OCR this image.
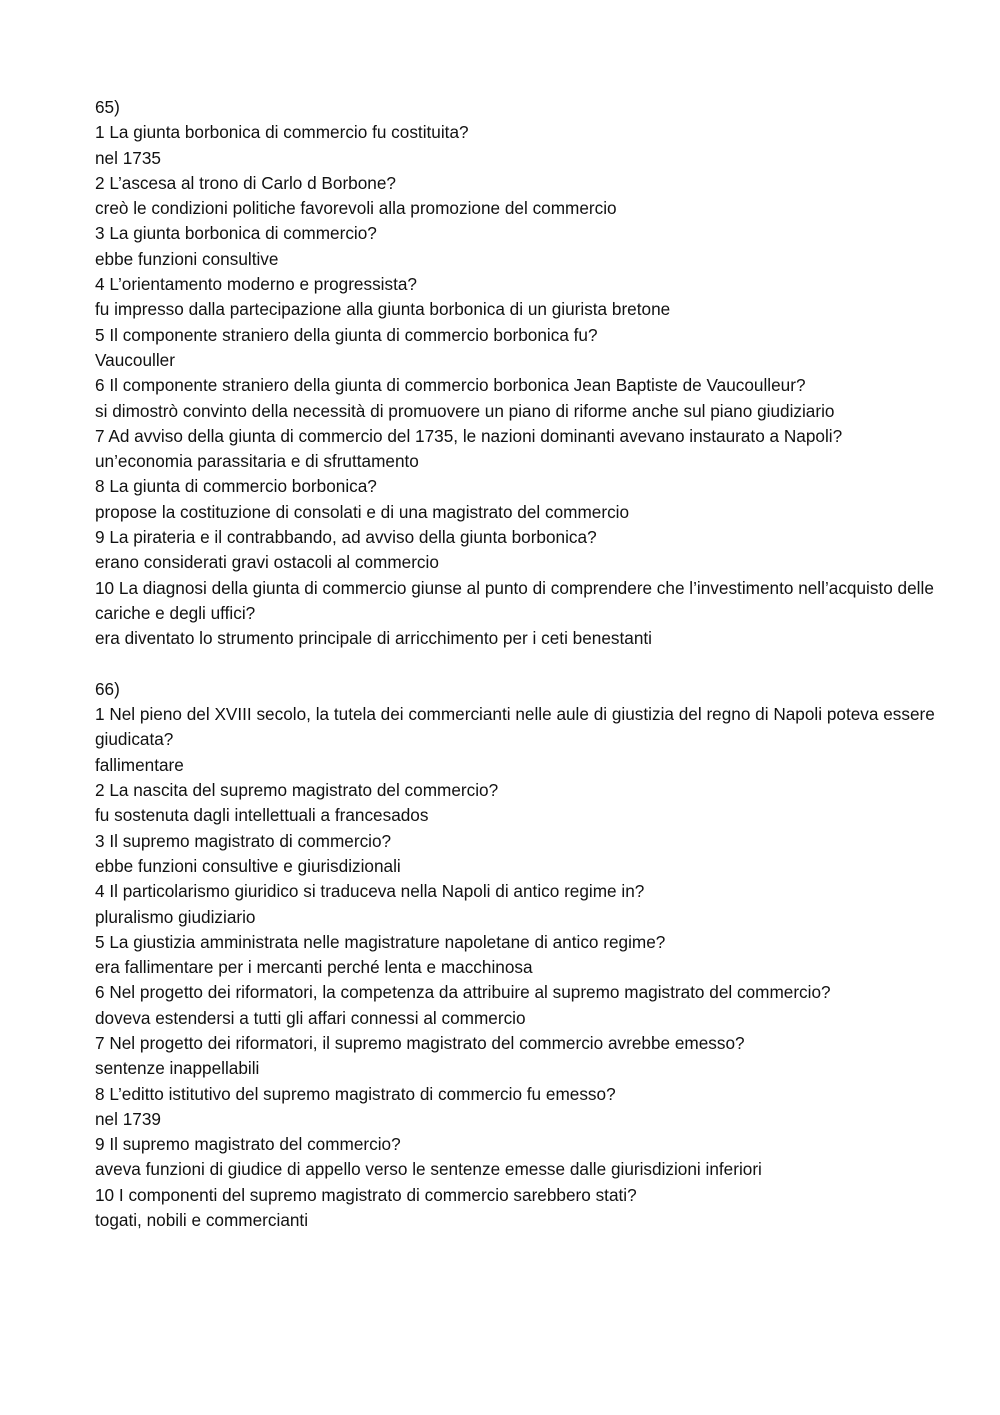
65)
1 La giunta borbonica di commercio fu costituita?
nel 1735
2 L’ascesa al trono di Carlo d Borbone?
creò le condizioni politiche favorevoli alla promozione del commercio
3 La giunta borbonica di commercio?
ebbe funzioni consultive
4 L’orientamento moderno e progressista?
fu impresso dalla partecipazione alla giunta borbonica di un giurista bretone
5 Il componente straniero della giunta di commercio borbonica fu?
Vaucouller
6 Il componente straniero della giunta di commercio borbonica Jean Baptiste de Vaucoulleur?
si dimostrò convinto della necessità di promuovere un piano di riforme anche sul piano giudiziario
7 Ad avviso della giunta di commercio del 1735, le nazioni dominanti avevano instaurato a Napoli?
un’economia parassitaria e di sfruttamento
8 La giunta di commercio borbonica?
propose la costituzione di consolati e di una magistrato del commercio
9 La pirateria e il contrabbando, ad avviso della giunta borbonica?
erano considerati gravi ostacoli al commercio
10 La diagnosi della giunta di commercio giunse al punto di comprendere che l’investimento nell’acquisto delle cariche e degli uffici?
era diventato lo strumento principale di arricchimento per i ceti benestanti
66)
1 Nel pieno del XVIII secolo, la tutela dei commercianti nelle aule di giustizia del regno di Napoli poteva essere giudicata?
fallimentare
2 La nascita del supremo magistrato del commercio?
fu sostenuta dagli intellettuali a francesados
3 Il supremo magistrato di commercio?
ebbe funzioni consultive e giurisdizionali
4 Il particolarismo giuridico si traduceva nella Napoli di antico regime in?
pluralismo giudiziario
5 La giustizia amministrata nelle magistrature napoletane di antico regime?
era fallimentare per i mercanti perché lenta e macchinosa
6 Nel progetto dei riformatori, la competenza da attribuire al supremo magistrato del commercio?
doveva estendersi a tutti gli affari connessi al commercio
7 Nel progetto dei riformatori, il supremo magistrato del commercio avrebbe emesso?
sentenze inappellabili
8 L’editto istitutivo del supremo magistrato di commercio fu emesso?
nel 1739
9 Il supremo magistrato del commercio?
aveva funzioni di giudice di appello verso le sentenze emesse dalle giurisdizioni inferiori
10 I componenti del supremo magistrato di commercio sarebbero stati?
togati, nobili e commercianti
